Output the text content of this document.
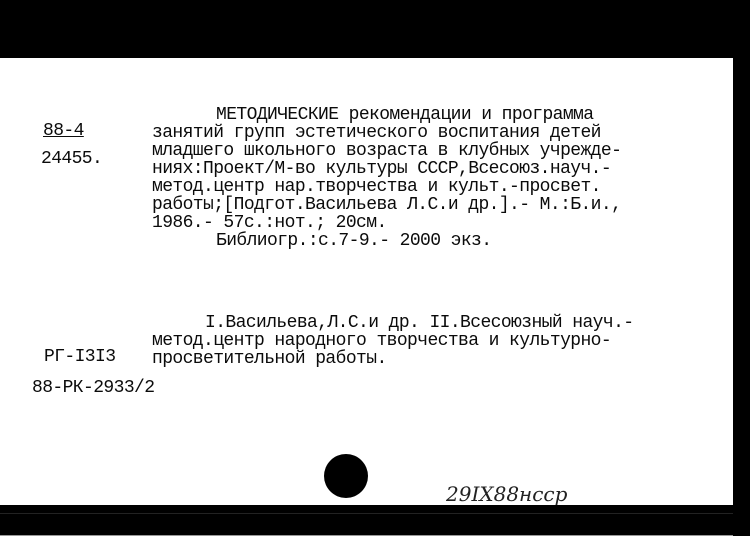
88-4
24455.
МЕТОДИЧЕСКИЕ рекомендации и программа
занятий групп эстетического воспитания детей
младшего школьного возраста в клубных учрежде-
ниях:Проект/М-во культуры СССР,Всесоюз.науч.-
метод.центр нар.творчества и культ.-просвет.
работы;[Подгот.Васильева Л.С.и др.].- М.:Б.и.,
1986.- 57с.:нот.; 20см.
Библиогр.:с.7-9.- 2000 экз.
I.Васильева,Л.С.и др. II.Всесоюзный науч.-
метод.центр народного творчества и культурно-
просветительной работы.
РГ-I3I3
88-РК-2933/2
29IX88нсср
